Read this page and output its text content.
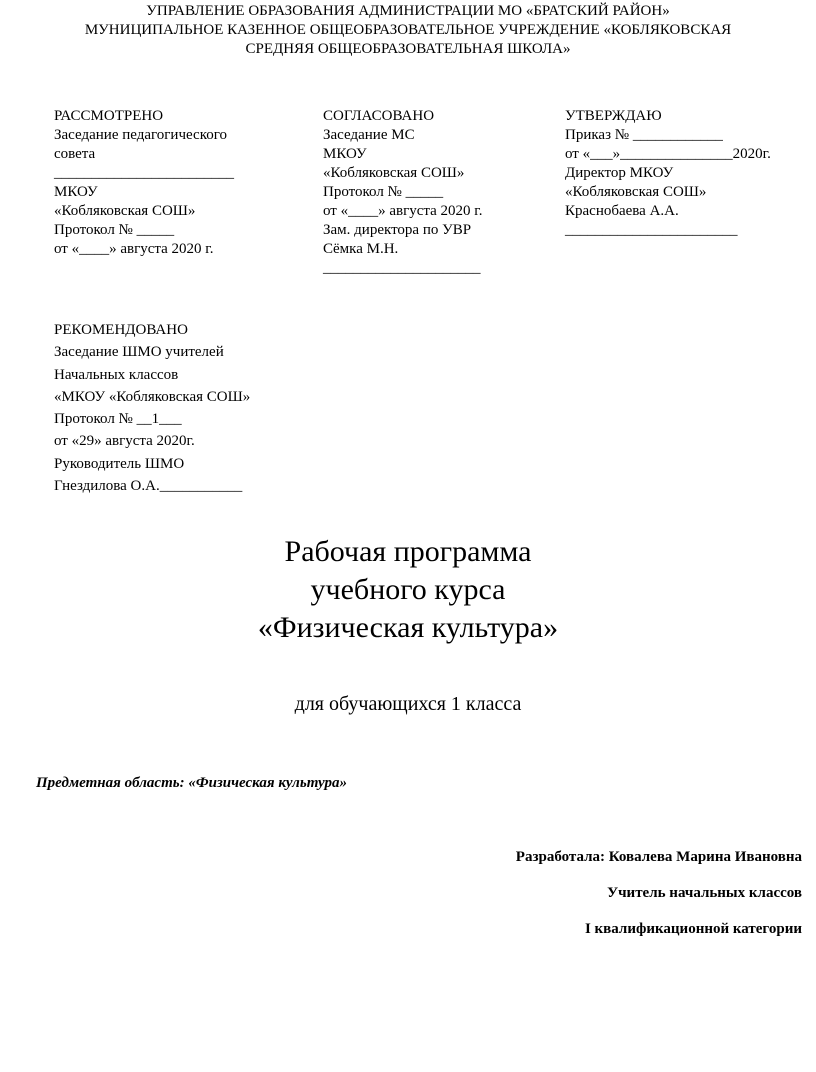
УПРАВЛЕНИЕ ОБРАЗОВАНИЯ АДМИНИСТРАЦИИ МО «БРАТСКИЙ РАЙОН»
МУНИЦИПАЛЬНОЕ КАЗЕННОЕ ОБЩЕОБРАЗОВАТЕЛЬНОЕ УЧРЕЖДЕНИЕ «КОБЛЯКОВСКАЯ
СРЕДНЯЯ ОБЩЕОБРАЗОВАТЕЛЬНАЯ ШКОЛА»
РАССМОТРЕНО
Заседание педагогического
совета
________________________
МКОУ
«Кобляковская СОШ»
Протокол № _____
от «____» августа 2020 г.
СОГЛАСОВАНО
Заседание МС
МКОУ
«Кобляковская СОШ»
Протокол № _____
от «____» августа 2020 г.
Зам. директора по УВР
Сёмка М.Н.
_____________________
УТВЕРЖДАЮ
Приказ № ____________
от «___»_______________2020г.
Директор МКОУ
«Кобляковская СОШ»
Краснобаева А.А.
_______________________
РЕКОМЕНДОВАНО
Заседание ШМО учителей
Начальных классов
«МКОУ «Кобляковская СОШ»
Протокол № __1___
от «29» августа 2020г.
Руководитель ШМО
Гнездилова О.А.___________
Рабочая программа
учебного курса
«Физическая культура»
для обучающихся 1 класса
Предметная область: «Физическая культура»
Разработала: Ковалева Марина Ивановна
Учитель начальных классов
I квалификационной категории
